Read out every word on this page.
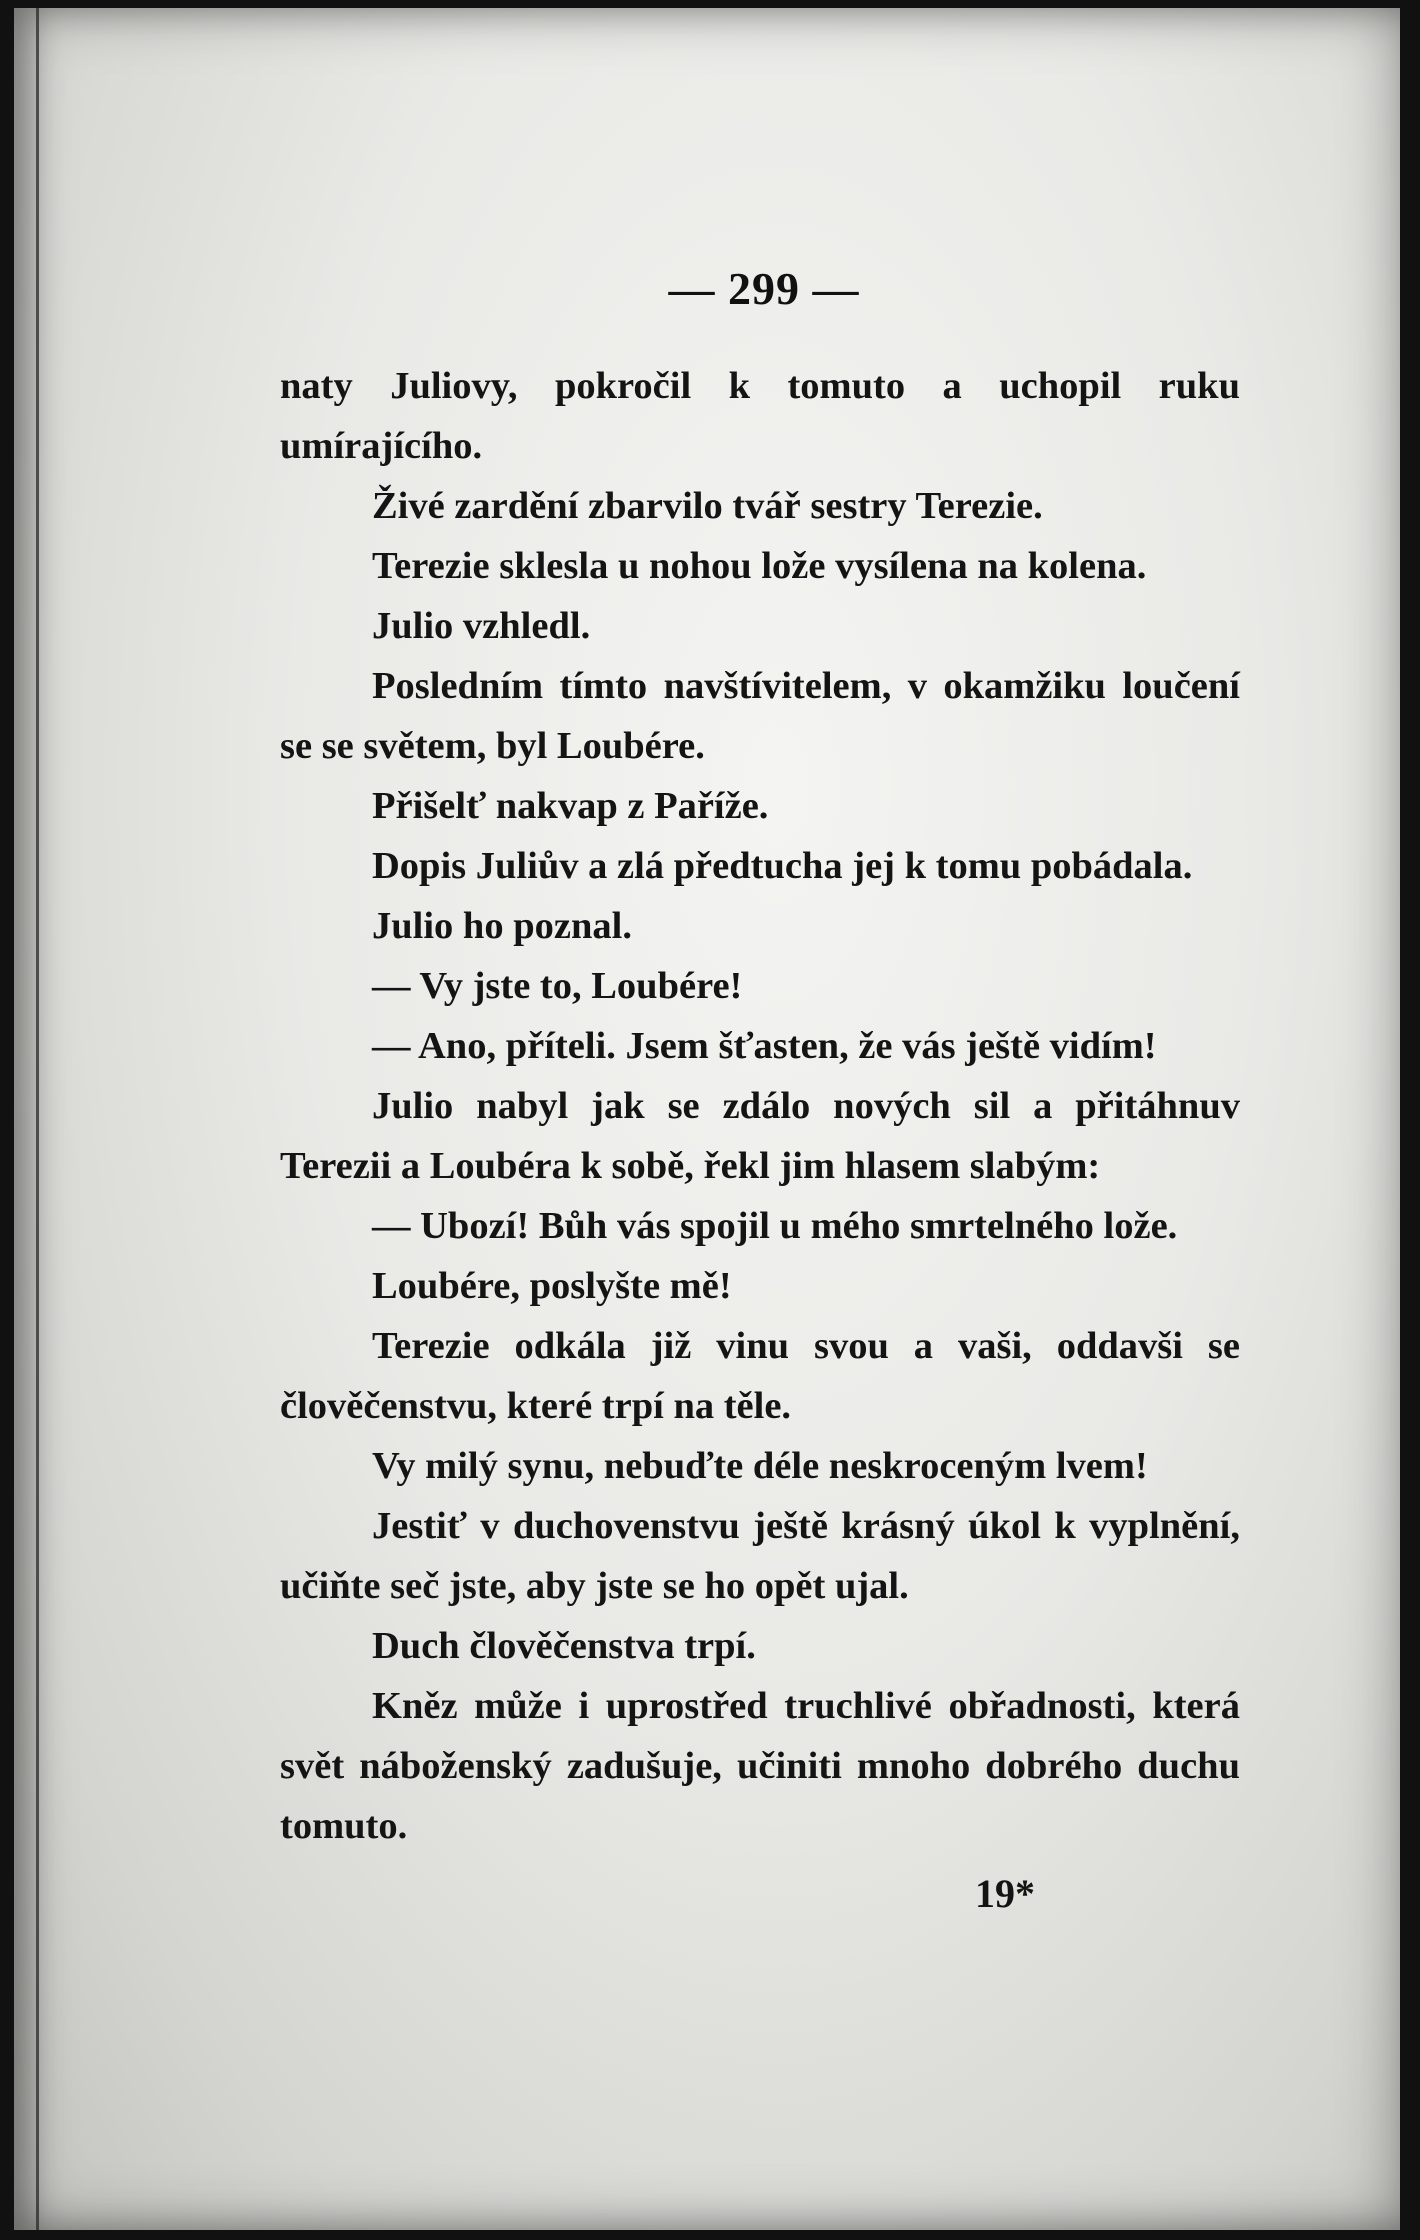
— 299 —

naty Juliovy, pokročil k tomuto a uchopil ruku umírajícího.

Živé zardění zbarvilo tvář sestry Terezie.

Terezie sklesla u nohou lože vysílena na kolena.

Julio vzhledl.

Posledním tímto navštívitelem, v okamžiku loučení se se světem, byl Loubére.

Přišelť nakvap z Paříže.

Dopis Juliův a zlá předtucha jej k tomu pobádala.

Julio ho poznal.

— Vy jste to, Loubére!

— Ano, příteli. Jsem šťasten, že vás ještě vidím!

Julio nabyl jak se zdálo nových sil a přitáhnuv Terezii a Loubéra k sobě, řekl jim hlasem slabým:

— Ubozí! Bůh vás spojil u mého smrtelného lože.

Loubére, poslyšte mě!

Terezie odkála již vinu svou a vaši, oddavši se člověčenstvu, které trpí na těle.

Vy milý synu, nebuďte déle neskroceným lvem!

Jestiť v duchovenstvu ještě krásný úkol k vyplnění, učiňte seč jste, aby jste se ho opět ujal.

Duch člověčenstva trpí.

Kněz může i uprostřed truchlivé obřadnosti, která svět náboženský zadušuje, učiniti mnoho dobrého duchu tomuto.

19*
